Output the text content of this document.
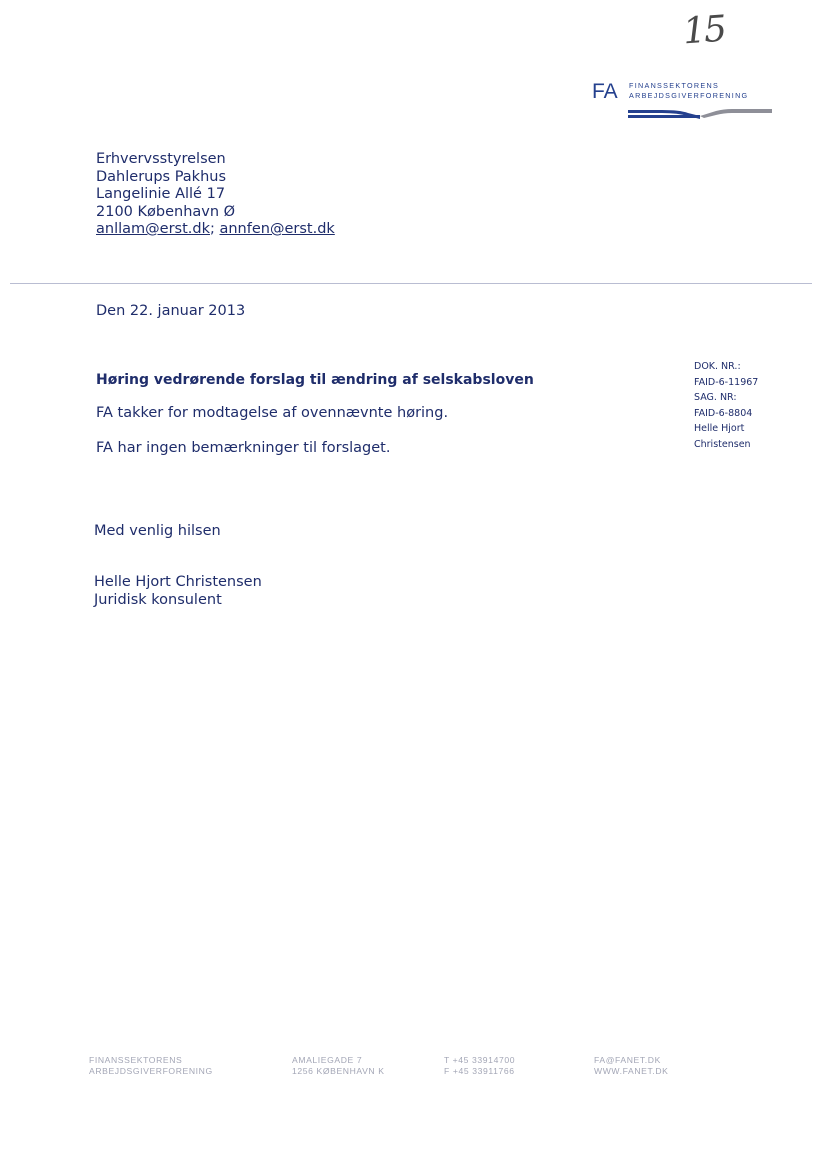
15
FA FINANSSEKTORENS
ARBEJDSGIVERFORENING
Erhvervsstyrelsen
Dahlerups Pakhus
Langelinie Allé 17
2100 København Ø
anllam@erst.dk; annfen@erst.dk
Den 22. januar 2013
DOK. NR.:
FAID-6-11967
SAG. NR:
FAID-6-8804
Helle Hjort
Christensen
Høring vedrørende forslag til ændring af selskabsloven
FA takker for modtagelse af ovennævnte høring.
FA har ingen bemærkninger til forslaget.
Med venlig hilsen
Helle Hjort Christensen
Juridisk konsulent
FINANSSEKTORENS
ARBEJDSGIVERFORENING
AMALIEGADE 7
1256 KØBENHAVN K
T +45 33914700
F +45 33911766
FA@FANET.DK
WWW.FANET.DK
